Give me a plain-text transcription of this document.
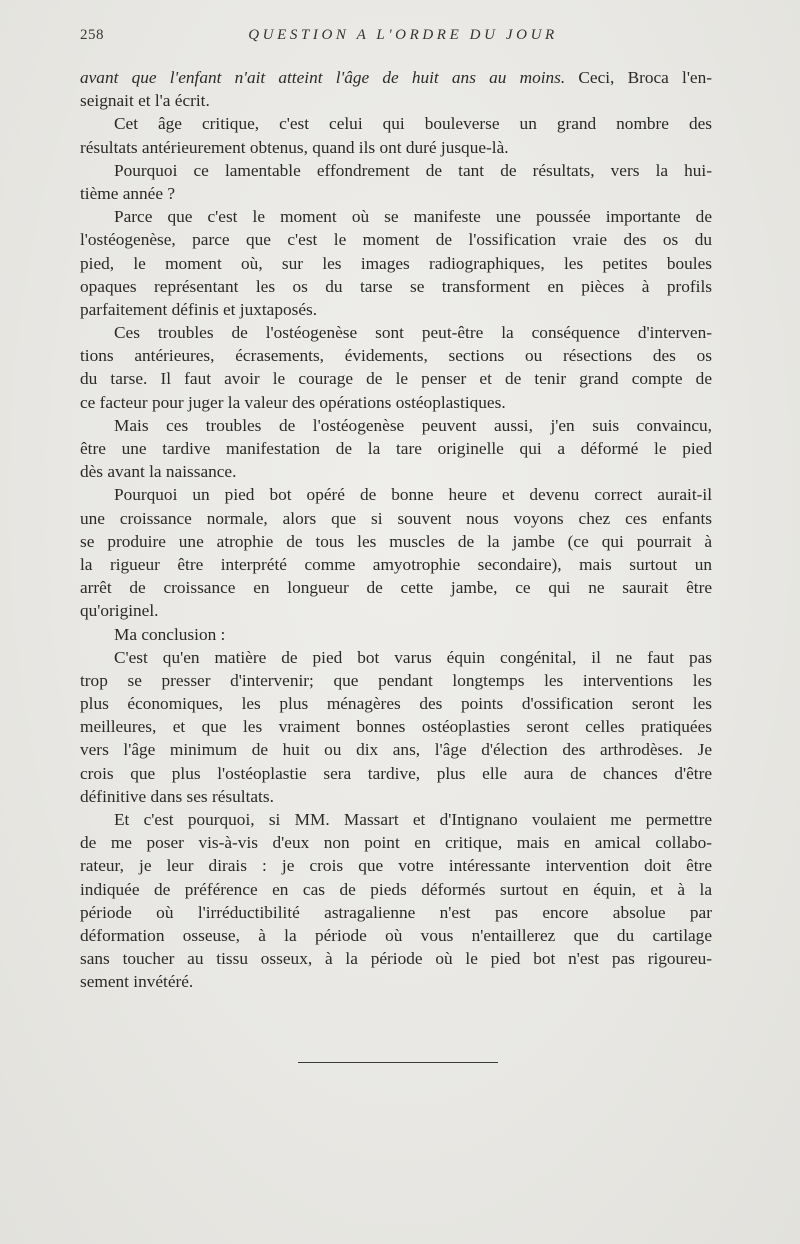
258	QUESTION A L'ORDRE DU JOUR
avant que l'enfant n'ait atteint l'âge de huit ans au moins. Ceci, Broca l'en-
seignait et l'a écrit.
Cet âge critique, c'est celui qui bouleverse un grand nombre des
résultats antérieurement obtenus, quand ils ont duré jusque-là.
Pourquoi ce lamentable effondrement de tant de résultats, vers la hui-
tième année ?
Parce que c'est le moment où se manifeste une poussée importante de
l'ostéogenèse, parce que c'est le moment de l'ossification vraie des os du
pied, le moment où, sur les images radiographiques, les petites boules
opaques représentant les os du tarse se transforment en pièces à profils
parfaitement définis et juxtaposés.
Ces troubles de l'ostéogenèse sont peut-être la conséquence d'interven-
tions antérieures, écrasements, évidements, sections ou résections des os
du tarse. Il faut avoir le courage de le penser et de tenir grand compte de
ce facteur pour juger la valeur des opérations ostéoplastiques.
Mais ces troubles de l'ostéogenèse peuvent aussi, j'en suis convaincu,
être une tardive manifestation de la tare originelle qui a déformé le pied
dès avant la naissance.
Pourquoi un pied bot opéré de bonne heure et devenu correct aurait-il
une croissance normale, alors que si souvent nous voyons chez ces enfants
se produire une atrophie de tous les muscles de la jambe (ce qui pourrait à
la rigueur être interprété comme amyotrophie secondaire), mais surtout un
arrêt de croissance en longueur de cette jambe, ce qui ne saurait être
qu'originel.
Ma conclusion :
C'est qu'en matière de pied bot varus équin congénital, il ne faut pas
trop se presser d'intervenir; que pendant longtemps les interventions les
plus économiques, les plus ménagères des points d'ossification seront les
meilleures, et que les vraiment bonnes ostéoplasties seront celles pratiquées
vers l'âge minimum de huit ou dix ans, l'âge d'élection des arthrodèses. Je
crois que plus l'ostéoplastie sera tardive, plus elle aura de chances d'être
définitive dans ses résultats.
Et c'est pourquoi, si MM. Massart et d'Intignano voulaient me permettre
de me poser vis-à-vis d'eux non point en critique, mais en amical collabo-
rateur, je leur dirais : je crois que votre intéressante intervention doit être
indiquée de préférence en cas de pieds déformés surtout en équin, et à la
période où l'irréductibilité astragalienne n'est pas encore absolue par
déformation osseuse, à la période où vous n'entaillerez que du cartilage
sans toucher au tissu osseux, à la période où le pied bot n'est pas rigoureu-
sement invétéré.
